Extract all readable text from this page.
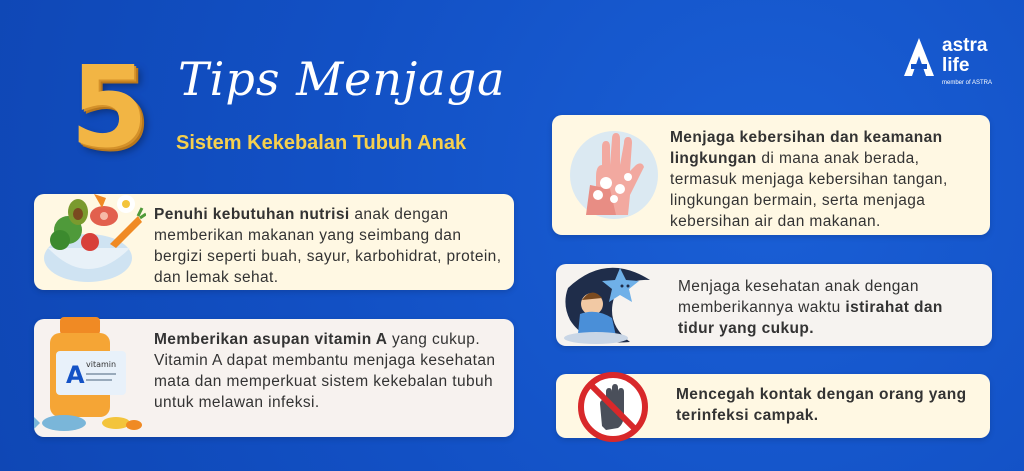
5 Tips Menjaga
Sistem Kekebalan Tubuh Anak
astra
life
member of ASTRA
Penuhi kebutuhan nutrisi anak dengan memberikan makanan yang seimbang dan bergizi seperti buah, sayur, karbohidrat, protein, dan lemak sehat.
A vitamin
Memberikan asupan vitamin A yang cukup. Vitamin A dapat membantu menjaga kesehatan mata dan memperkuat sistem kekebalan tubuh untuk melawan infeksi.
Menjaga kebersihan dan keamanan lingkungan di mana anak berada, termasuk menjaga kebersihan tangan, lingkungan bermain, serta menjaga kebersihan air dan makanan.
Menjaga kesehatan anak dengan memberikannya waktu istirahat dan tidur yang cukup.
Mencegah kontak dengan orang yang terinfeksi campak.
